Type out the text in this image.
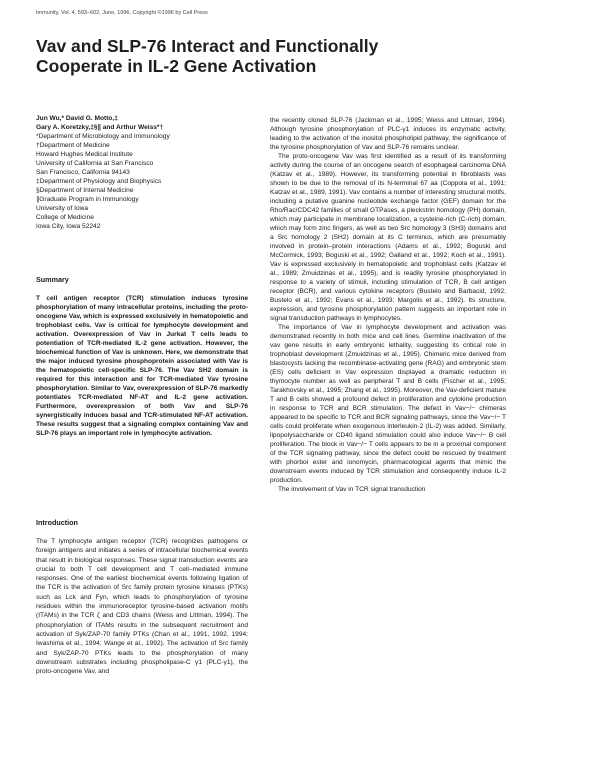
Immunity, Vol. 4, 593–602, June, 1996, Copyright ©1996 by Cell Press
Vav and SLP-76 Interact and Functionally
Cooperate in IL-2 Gene Activation
Jun Wu,* David G. Motto,‡
Gary A. Koretzky,‡§∥ and Arthur Weiss*†
*Department of Microbiology and Immunology
†Department of Medicine
Howard Hughes Medical Institute
University of California at San Francisco
San Francisco, California 94143
‡Department of Physiology and Biophysics
§Department of Internal Medicine
∥Graduate Program in Immunology
University of Iowa
College of Medicine
Iowa City, Iowa 52242
Summary

T cell antigen receptor (TCR) stimulation induces tyrosine phosphorylation of many intracellular proteins, including the proto-oncogene Vav, which is expressed exclusively in hematopoietic and trophoblast cells. Vav is critical for lymphocyte development and activation. Overexpression of Vav in Jurkat T cells leads to potentiation of TCR-mediated IL-2 gene activation. However, the biochemical function of Vav is unknown. Here, we demonstrate that the major induced tyrosine phosphoprotein associated with Vav is the hematopoietic cell-specific SLP-76. The Vav SH2 domain is required for this interaction and for TCR-mediated Vav tyrosine phosphorylation. Similar to Vav, overexpression of SLP-76 markedly potentiates TCR-mediated NF-AT and IL-2 gene activation. Furthermore, overexpression of both Vav and SLP-76 synergistically induces basal and TCR-stimulated NF-AT activation. These results suggest that a signaling complex containing Vav and SLP-76 plays an important role in lymphocyte activation.

Introduction

The T lymphocyte antigen receptor (TCR) recognizes pathogens or foreign antigens and initiates a series of intracellular biochemical events that result in biological responses. These signal transduction events are crucial to both T cell development and T cell–mediated immune responses. One of the earliest biochemical events following ligation of the TCR is the activation of Src family protein tyrosine kinases (PTKs) such as Lck and Fyn, which leads to phosphorylation of tyrosine residues within the immunoreceptor tyrosine-based activation motifs (ITAMs) in the TCR ζ and CD3 chains (Weiss and Littman, 1994). The phosphorylation of ITAMs results in the subsequent recruitment and activation of Syk/ZAP-70 family PTKs (Chan et al., 1991, 1992, 1994; Iwashima et al., 1994; Wange et al., 1992). The activation of Src family and Syk/ZAP-70 PTKs leads to the phosphorylation of many downstream substrates including phospholipase-C γ1 (PLC-γ1), the proto-oncogene Vav, and

the recently cloned SLP-76 (Jackman et al., 1995; Weiss and Littman, 1994). Although tyrosine phosphorylation of PLC-γ1 induces its enzymatic activity, leading to the activation of the inositol phospholipid pathway, the significance of the tyrosine phosphorylation of Vav and SLP-76 remains unclear.

The proto-oncogene Vav was first identified as a result of its transforming activity during the course of an oncogene search of esophageal carcinoma DNA (Katzav et al., 1989). However, its transforming potential in fibroblasts was shown to be due to the removal of its N-terminal 67 aa (Coppola et al., 1991; Katzav et al., 1989, 1991). Vav contains a number of interesting structural motifs, including a putative guanine nucleotide exchange factor (GEF) domain for the Rho/Rac/CDC42 families of small GTPases, a pleckstrin homology (PH) domain, which may participate in membrane localization, a cysteine-rich (C-rich) domain, which may form zinc fingers, as well as two Src homology 3 (SH3) domains and a Src homology 2 (SH2) domain at its C terminus, which are presumably involved in protein–protein interactions (Adams et al., 1992; Boguski and McCormick, 1993; Boguski et al., 1992; Galland et al., 1992; Koch et al., 1991). Vav is expressed exclusively in hematopoietic and trophoblast cells (Katzav et al., 1989; Zmuidzinas et al., 1995), and is readily tyrosine phosphorylated in response to a variety of stimuli, including stimulation of TCR, B cell antigen receptor (BCR), and various cytokine receptors (Bustelo and Barbacid, 1992; Bustelo et al., 1992; Evans et al., 1993; Margolis et al., 1992). Its structure, expression, and tyrosine phosphorylation pattern suggests an important role in signal transduction pathways in lymphocytes.

The importance of Vav in lymphocyte development and activation was demonstrated recently in both mice and cell lines. Germline inactivation of the vav gene results in early embryonic lethality, suggesting its critical role in trophoblast development (Zmuidzinas et al., 1995). Chimeric mice derived from blastocysts lacking the recombinase-activating gene (RAG) and embryonic stem (ES) cells deficient in Vav expression displayed a dramatic reduction in thymocyte number as well as peripheral T and B cells (Fischer et al., 1995; Tarakhovsky et al., 1995; Zhang et al., 1995). Moreover, the Vav-deficient mature T and B cells showed a profound defect in proliferation and cytokine production in response to TCR and BCR stimulation. The defect in Vav−/− chimeras appeared to be specific to TCR and BCR signaling pathways, since the Vav−/− T cells could proliferate when exogenous interleukin-2 (IL-2) was added. Similarly, lipopolysaccharide or CD40 ligand stimulation could also induce Vav−/− B cell proliferation. The block in Vav−/− T cells appears to be in a proximal component of the TCR signaling pathway, since the defect could be rescued by treatment with phorbol ester and ionomycin, pharmacological agents that mimic the downstream events induced by TCR stimulation and consequently induce IL-2 production.

The involvement of Vav in TCR signal transduction
